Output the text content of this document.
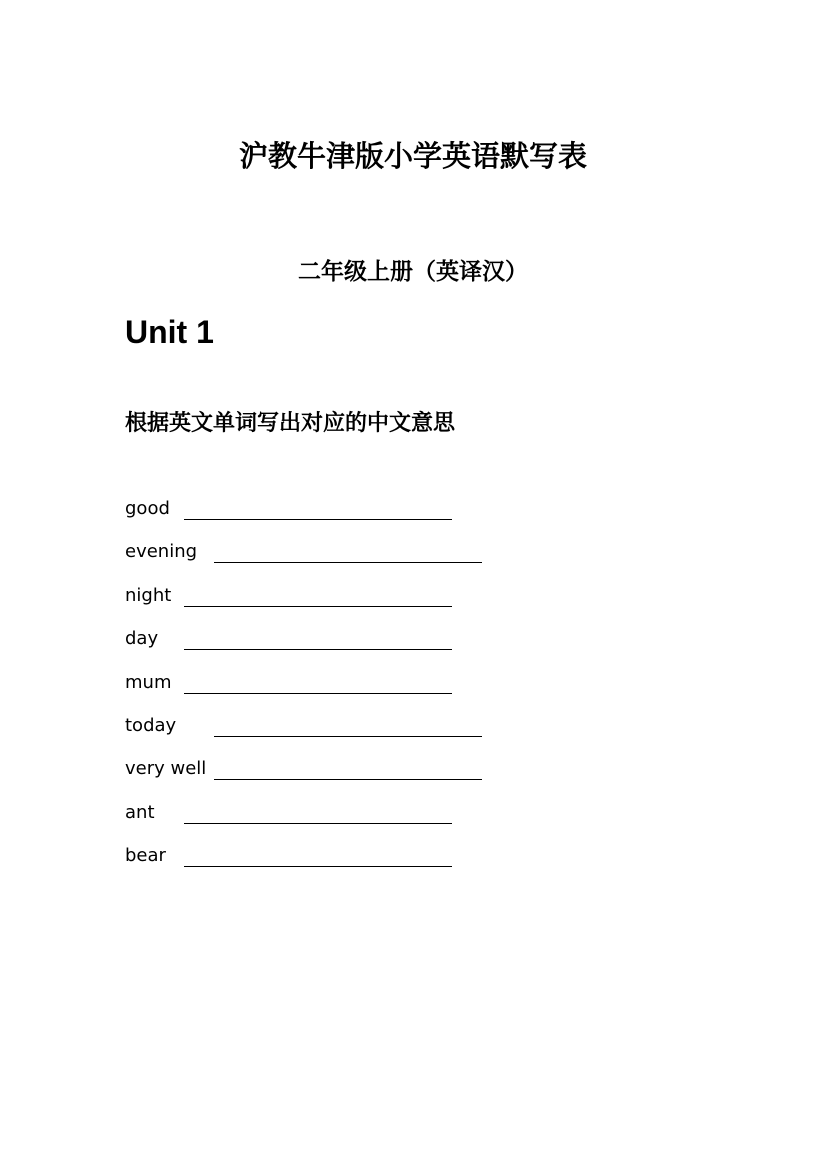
沪教牛津版小学英语默写表
二年级上册（英译汉）
Unit 1
根据英文单词写出对应的中文意思
good
evening
night
day
mum
today
very well
ant
bear
